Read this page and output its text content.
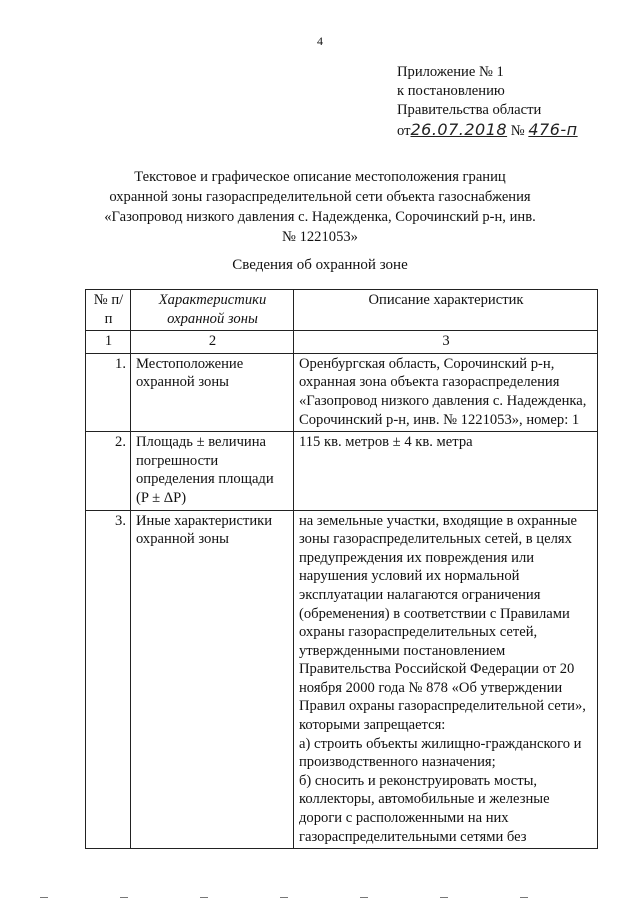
4
Приложение № 1
к постановлению
Правительства области
от26.07.2018 № 476-п
Текстовое и графическое описание местоположения границ
охранной зоны газораспределительной сети объекта газоснабжения
«Газопровод низкого давления с. Надежденка, Сорочинский р-н, инв.
№ 1221053»
Сведения об охранной зоне
№ п/п	Характеристики охранной зоны	Описание характеристик
1	2	3
1.	Местоположение охранной зоны	Оренбургская область, Сорочинский р-н, охранная зона объекта газораспределения «Газопровод низкого давления с. Надежденка, Сорочинский р-н, инв. № 1221053», номер: 1
2.	Площадь ± величина погрешности определения площади (P ± ΔP)	115 кв. метров ± 4 кв. метра
3.	Иные характеристики охранной зоны	на земельные участки, входящие в охранные зоны газораспределительных сетей, в целях предупреждения их повреждения или нарушения условий их нормальной эксплуатации налагаются ограничения (обременения) в соответствии с Правилами охраны газораспределительных сетей, утвержденными постановлением Правительства Российской Федерации от 20 ноября 2000 года № 878 «Об утверждении Правил охраны газораспределительной сети»,
которыми запрещается:
а) строить объекты жилищно-гражданского и производственного назначения;
б) сносить и реконструировать мосты, коллекторы, автомобильные и железные дороги с расположенными на них газораспределительными сетями без
